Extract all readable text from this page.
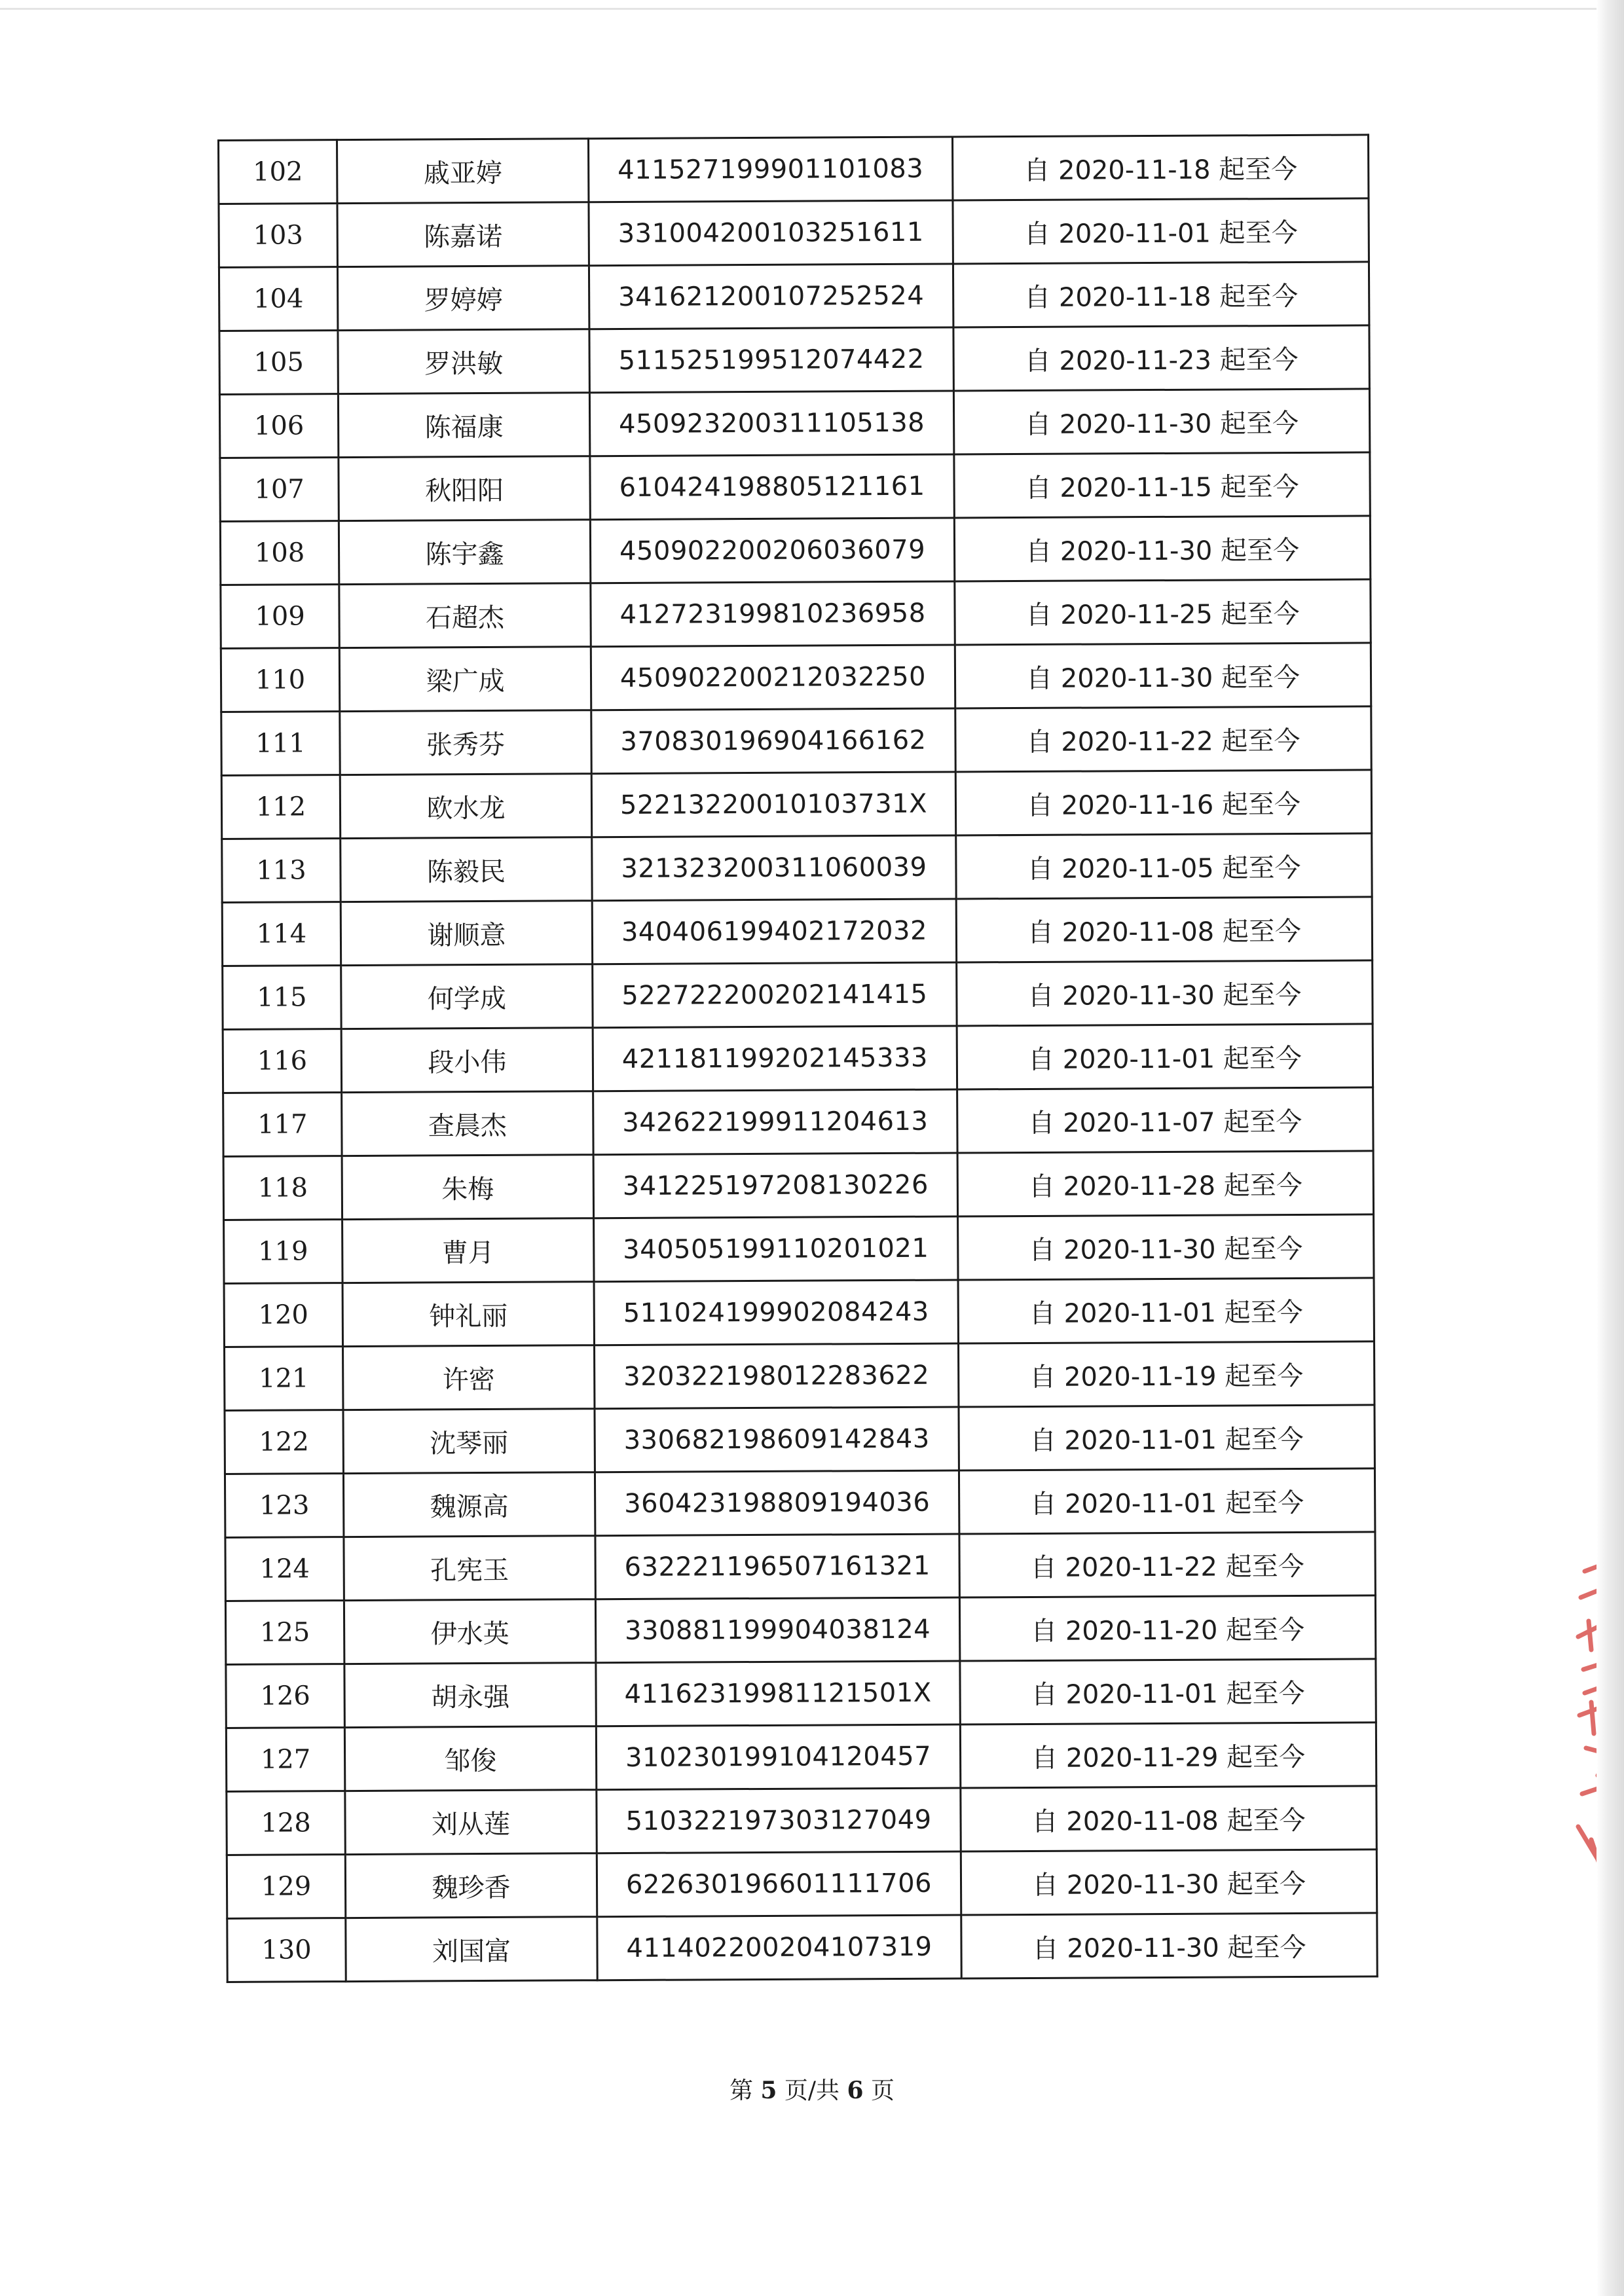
102	戚亚婷	411527199901101083	自 2020-11-18 起至今
103	陈嘉诺	331004200103251611	自 2020-11-01 起至今
104	罗婷婷	341621200107252524	自 2020-11-18 起至今
105	罗洪敏	511525199512074422	自 2020-11-23 起至今
106	陈福康	450923200311105138	自 2020-11-30 起至今
107	秋阳阳	610424198805121161	自 2020-11-15 起至今
108	陈宇鑫	450902200206036079	自 2020-11-30 起至今
109	石超杰	412723199810236958	自 2020-11-25 起至今
110	梁广成	450902200212032250	自 2020-11-30 起至今
111	张秀芬	370830196904166162	自 2020-11-22 起至今
112	欧水龙	52213220010103731X	自 2020-11-16 起至今
113	陈毅民	321323200311060039	自 2020-11-05 起至今
114	谢顺意	340406199402172032	自 2020-11-08 起至今
115	何学成	522722200202141415	自 2020-11-30 起至今
116	段小伟	421181199202145333	自 2020-11-01 起至今
117	查晨杰	342622199911204613	自 2020-11-07 起至今
118	朱梅	341225197208130226	自 2020-11-28 起至今
119	曹月	340505199110201021	自 2020-11-30 起至今
120	钟礼丽	511024199902084243	自 2020-11-01 起至今
121	许密	320322198012283622	自 2020-11-19 起至今
122	沈琴丽	330682198609142843	自 2020-11-01 起至今
123	魏源高	360423198809194036	自 2020-11-01 起至今
124	孔宪玉	632221196507161321	自 2020-11-22 起至今
125	伊水英	330881199904038124	自 2020-11-20 起至今
126	胡永强	41162319981121501X	自 2020-11-01 起至今
127	邹俊	310230199104120457	自 2020-11-29 起至今
128	刘从莲	510322197303127049	自 2020-11-08 起至今
129	魏珍香	622630196601111706	自 2020-11-30 起至今
130	刘国富	411402200204107319	自 2020-11-30 起至今
第 5 页/共 6 页
